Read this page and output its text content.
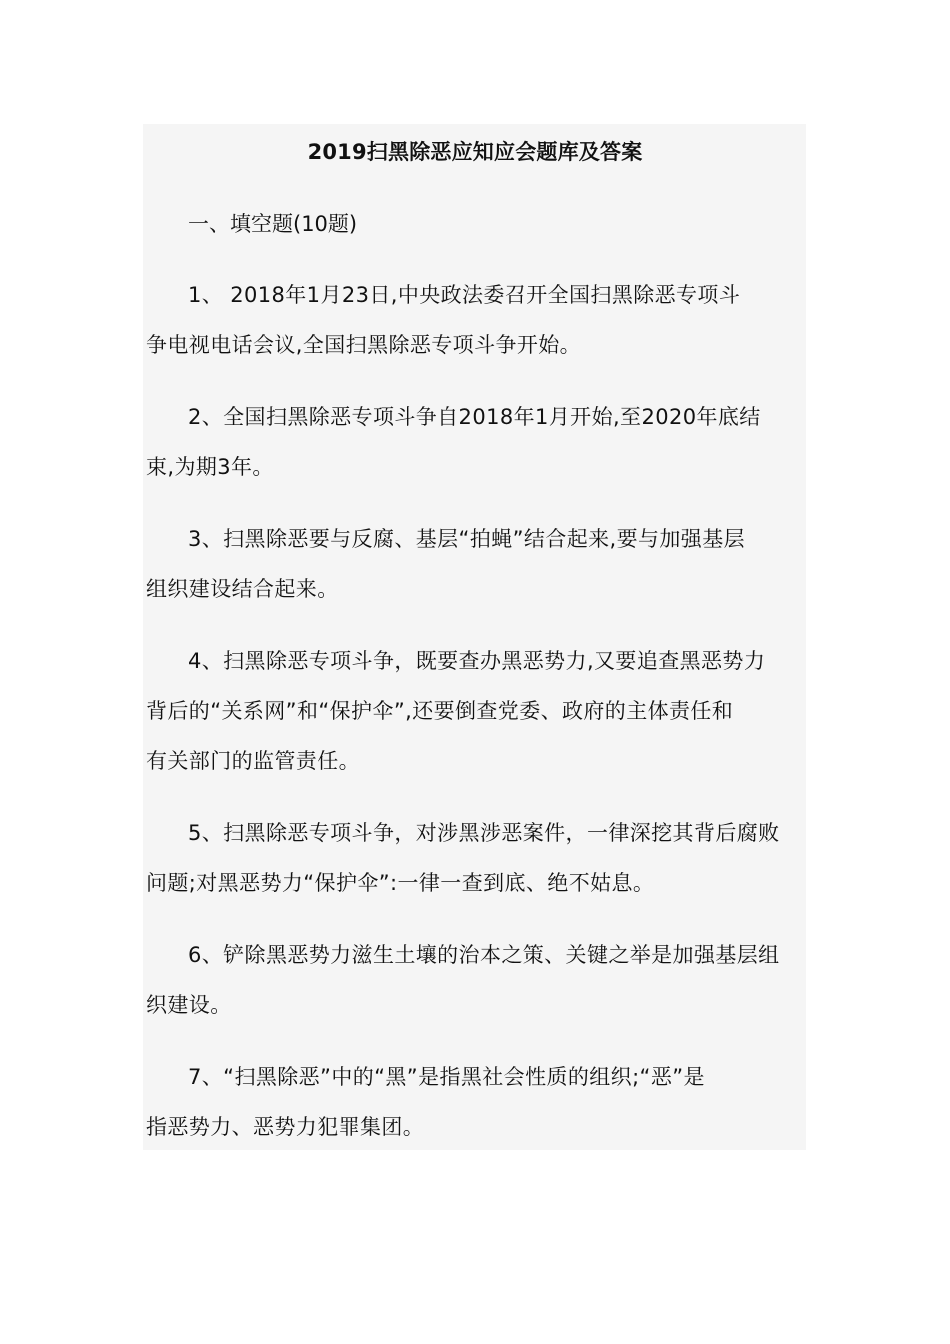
2019扫黑除恶应知应会题库及答案

一、填空题(10题)

1、 2018年1月23日,中央政法委召开全国扫黑除恶专项斗

争电视电话会议,全国扫黑除恶专项斗争开始。

2、全国扫黑除恶专项斗争自2018年1月开始,至2020年底结

束,为期3年。

3、扫黑除恶要与反腐、基层“拍蝇”结合起来,要与加强基层

组织建设结合起来。

4、扫黑除恶专项斗争，既要查办黑恶势力,又要追查黑恶势力

背后的“关系网”和“保护伞”,还要倒查党委、政府的主体责任和

有关部门的监管责任。

5、扫黑除恶专项斗争，对涉黑涉恶案件，一律深挖其背后腐败

问题;对黑恶势力“保护伞”:一律一查到底、绝不姑息。

6、铲除黑恶势力滋生土壤的治本之策、关键之举是加强基层组

织建设。

7、“扫黑除恶”中的“黑”是指黑社会性质的组织;“恶”是

指恶势力、恶势力犯罪集团。
